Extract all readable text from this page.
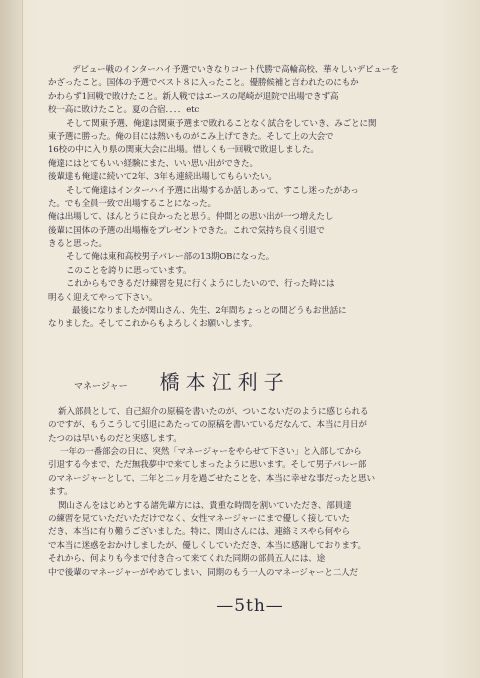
デビュー戦のインターハイ予選でいきなりコート代勝で高輪高校、華々しいデビューを
かざったこと。国体の予選でベスト８に入ったこと。優勝候補と言われたのにもか
かわらず1回戦で敗けたこと。新人戦ではエースの尾崎が退院で出場できず高
校一高に敗けたこと。夏の合宿．．．．etc
そして関東予選、俺達は関東予選まで敗れることなく試合をしていき、みごとに関
東予選に勝った。俺の目には熱いものがこみ上げてきた。そして上の大会で
16校の中に入り県の関東大会に出場。惜しくも一回戦で敗退しました。
俺達にはとてもいい経験にまた、いい思い出ができた。
後輩達も俺達に続いて2年、3年も連続出場してもらいたい。
そして俺達はインターハイ予選に出場するか話しあって、すこし迷ったがあっ
た。でも全員一致で出場することになった。
俺は出場して、ほんとうに良かったと思う。仲間との思い出が一つ増えたし
後輩に国体の予選の出場権をプレゼントできた。これで気持ち良く引退で
きると思った。
そして俺は東和高校男子バレー部の13期OBになった。
このことを誇りに思っています。
これからもできるだけ練習を見に行くようにしたいので、行った時には
明るく迎えてやって下さい。
最後になりましたが関山さん、先生、2年間ちょっとの間どうもお世話に
なりました。そしてこれからもよろしくお願いします。
マネージャー 橋本江利子
新入部員として、自己紹介の原稿を書いたのが、ついこないだのように感じられる
のですが、もうこうして引退にあたっての原稿を書いているだなんて、本当に月日が
たつのは早いものだと実感します。
一年の一番部会の日に、突然「マネージャーをやらせて下さい」と入部してから
引退する今まで、ただ無我夢中で来てしまったように思います。そして男子バレー部
のマネージャーとして、二年と二ヶ月を過ごせたことを、本当に幸せな事だったと思い
ます。
関山さんをはじめとする諸先輩方には、貴重な時間を割いていただき、部員達
の練習を見ていただいただけでなく、女性マネージャーにまで優しく接していた
だき、本当に有り難うございました。特に、関山さんには、連絡ミスやら何やら
で本当に迷惑をおかけしましたが、優しくしていただき、本当に感謝しております。
それから、何よりも今まで付き合って来てくれた同期の部員五人には、途
中で後輩のマネージャーがやめてしまい、同期のもう一人のマネージャーと二人だ
—5th—
